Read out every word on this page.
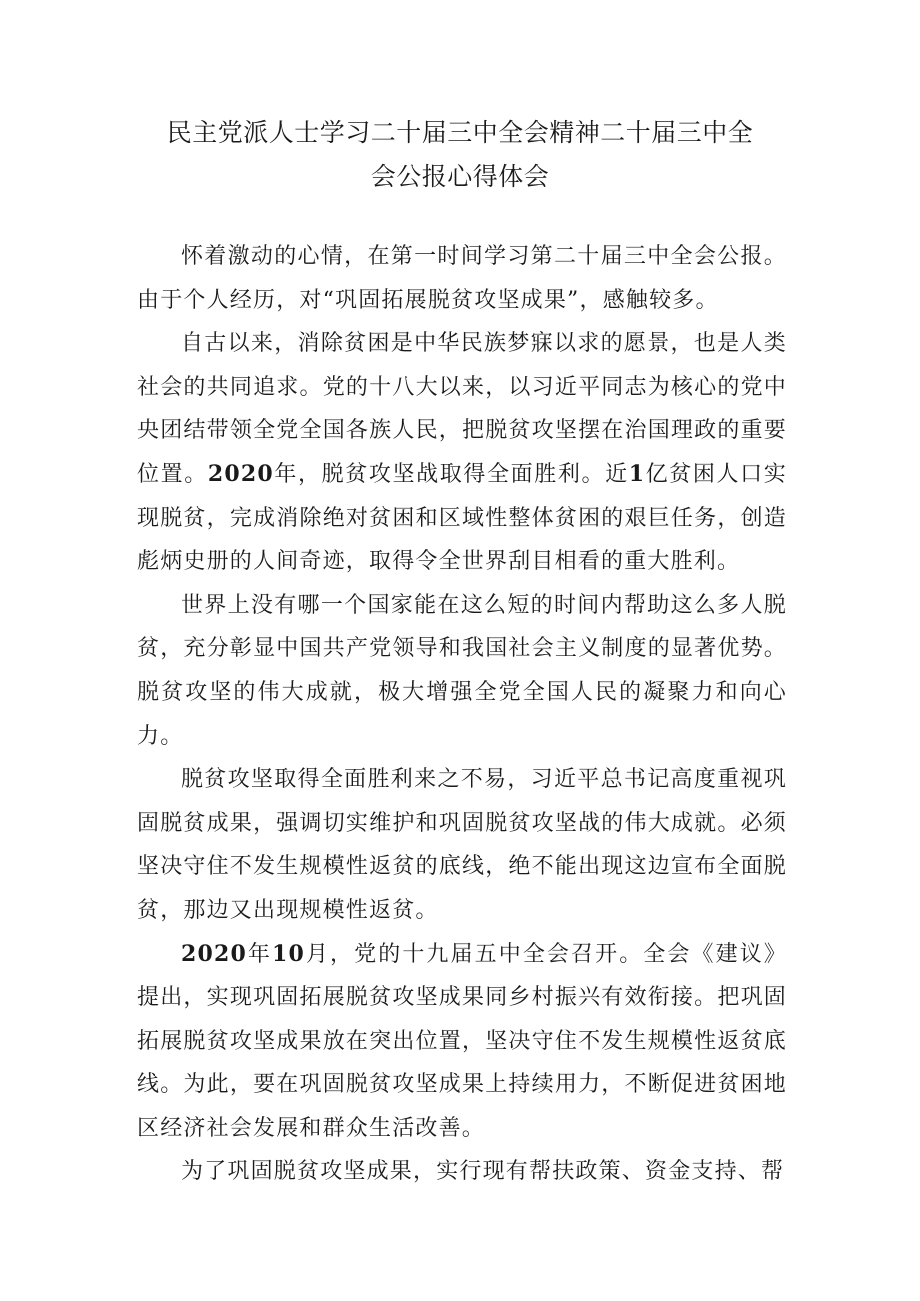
民主党派人士学习二十届三中全会精神二十届三中全
会公报心得体会

怀着激动的心情，在第一时间学习第二十届三中全会公报。由于个人经历，对“巩固拓展脱贫攻坚成果”，感触较多。

自古以来，消除贫困是中华民族梦寐以求的愿景，也是人类社会的共同追求。党的十八大以来，以习近平同志为核心的党中央团结带领全党全国各族人民，把脱贫攻坚摆在治国理政的重要位置。2020年，脱贫攻坚战取得全面胜利。近1亿贫困人口实现脱贫，完成消除绝对贫困和区域性整体贫困的艰巨任务，创造彪炳史册的人间奇迹，取得令全世界刮目相看的重大胜利。

世界上没有哪一个国家能在这么短的时间内帮助这么多人脱贫，充分彰显中国共产党领导和我国社会主义制度的显著优势。脱贫攻坚的伟大成就，极大增强全党全国人民的凝聚力和向心力。

脱贫攻坚取得全面胜利来之不易，习近平总书记高度重视巩固脱贫成果，强调切实维护和巩固脱贫攻坚战的伟大成就。必须坚决守住不发生规模性返贫的底线，绝不能出现这边宣布全面脱贫，那边又出现规模性返贫。

2020年10月，党的十九届五中全会召开。全会《建议》提出，实现巩固拓展脱贫攻坚成果同乡村振兴有效衔接。把巩固拓展脱贫攻坚成果放在突出位置，坚决守住不发生规模性返贫底线。为此，要在巩固脱贫攻坚成果上持续用力，不断促进贫困地区经济社会发展和群众生活改善。

为了巩固脱贫攻坚成果，实行现有帮扶政策、资金支持、帮
